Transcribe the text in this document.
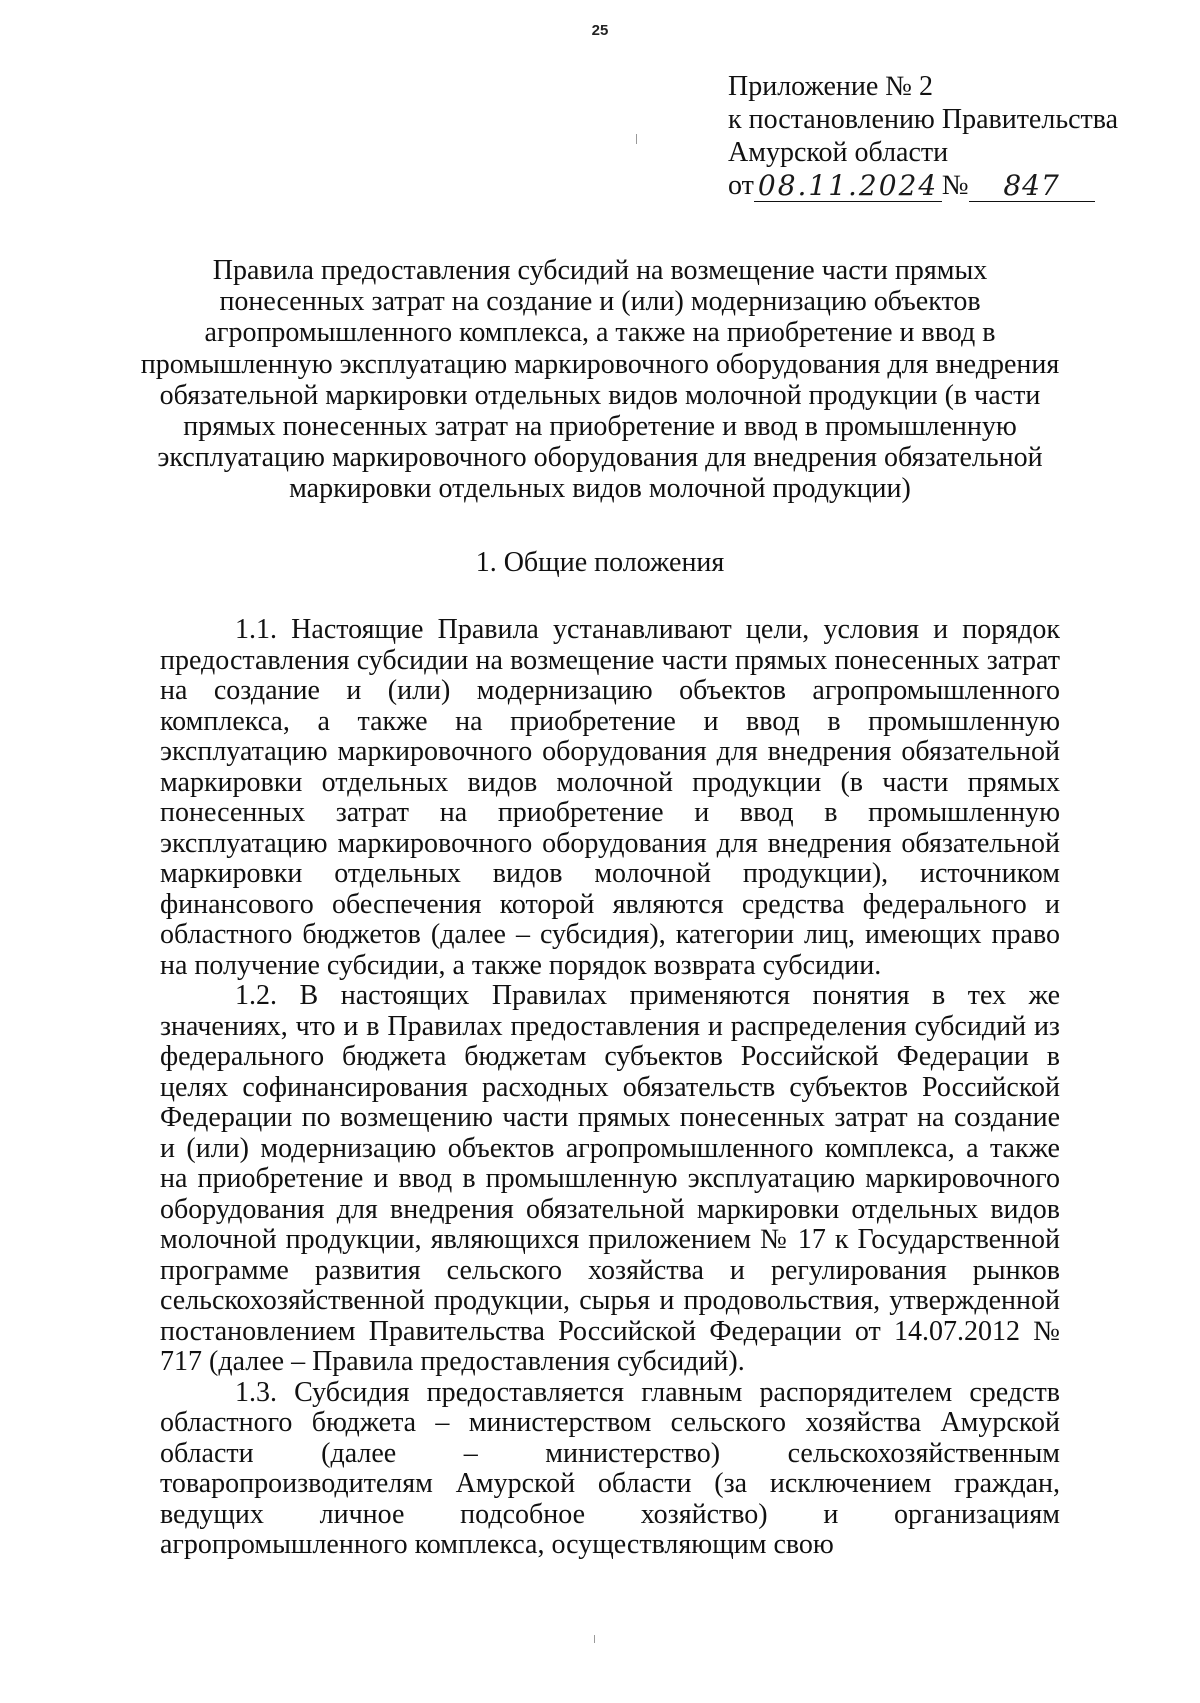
25
Приложение № 2
к постановлению Правительства
Амурской области
от 08.11.2024 №	847
Правила предоставления субсидий на возмещение части прямых понесенных затрат на создание и (или) модернизацию объектов агропромышленного комплекса, а также на приобретение и ввод в промышленную эксплуатацию маркировочного оборудования для внедрения обязательной маркировки отдельных видов молочной продукции (в части прямых понесенных затрат на приобретение и ввод в промышленную эксплуатацию маркировочного оборудования для внедрения обязательной маркировки отдельных видов молочной продукции)
1. Общие положения

1.1. Настоящие Правила устанавливают цели, условия и порядок предоставления субсидии на возмещение части прямых понесенных затрат на создание и (или) модернизацию объектов агропромышленного комплекса, а также на приобретение и ввод в промышленную эксплуатацию маркировочного оборудования для внедрения обязательной маркировки отдельных видов молочной продукции (в части прямых понесенных затрат на приобретение и ввод в промышленную эксплуатацию маркировочного оборудования для внедрения обязательной маркировки отдельных видов молочной продукции), источником финансового обеспечения которой являются средства федерального и областного бюджетов (далее – субсидия), категории лиц, имеющих право на получение субсидии, а также порядок возврата субсидии.

1.2. В настоящих Правилах применяются понятия в тех же значениях, что и в Правилах предоставления и распределения субсидий из федерального бюджета бюджетам субъектов Российской Федерации в целях софинансирования расходных обязательств субъектов Российской Федерации по возмещению части прямых понесенных затрат на создание и (или) модернизацию объектов агропромышленного комплекса, а также на приобретение и ввод в промышленную эксплуатацию маркировочного оборудования для внедрения обязательной маркировки отдельных видов молочной продукции, являющихся приложением № 17 к Государственной программе развития сельского хозяйства и регулирования рынков сельскохозяйственной продукции, сырья и продовольствия, утвержденной постановлением Правительства Российской Федерации от 14.07.2012 № 717 (далее – Правила предоставления субсидий).

1.3. Субсидия предоставляется главным распорядителем средств областного бюджета – министерством сельского хозяйства Амурской области (далее – министерство) сельскохозяйственным товаропроизводителям Амурской области (за исключением граждан, ведущих личное подсобное хозяйство) и организациям агропромышленного комплекса, осуществляющим свою
